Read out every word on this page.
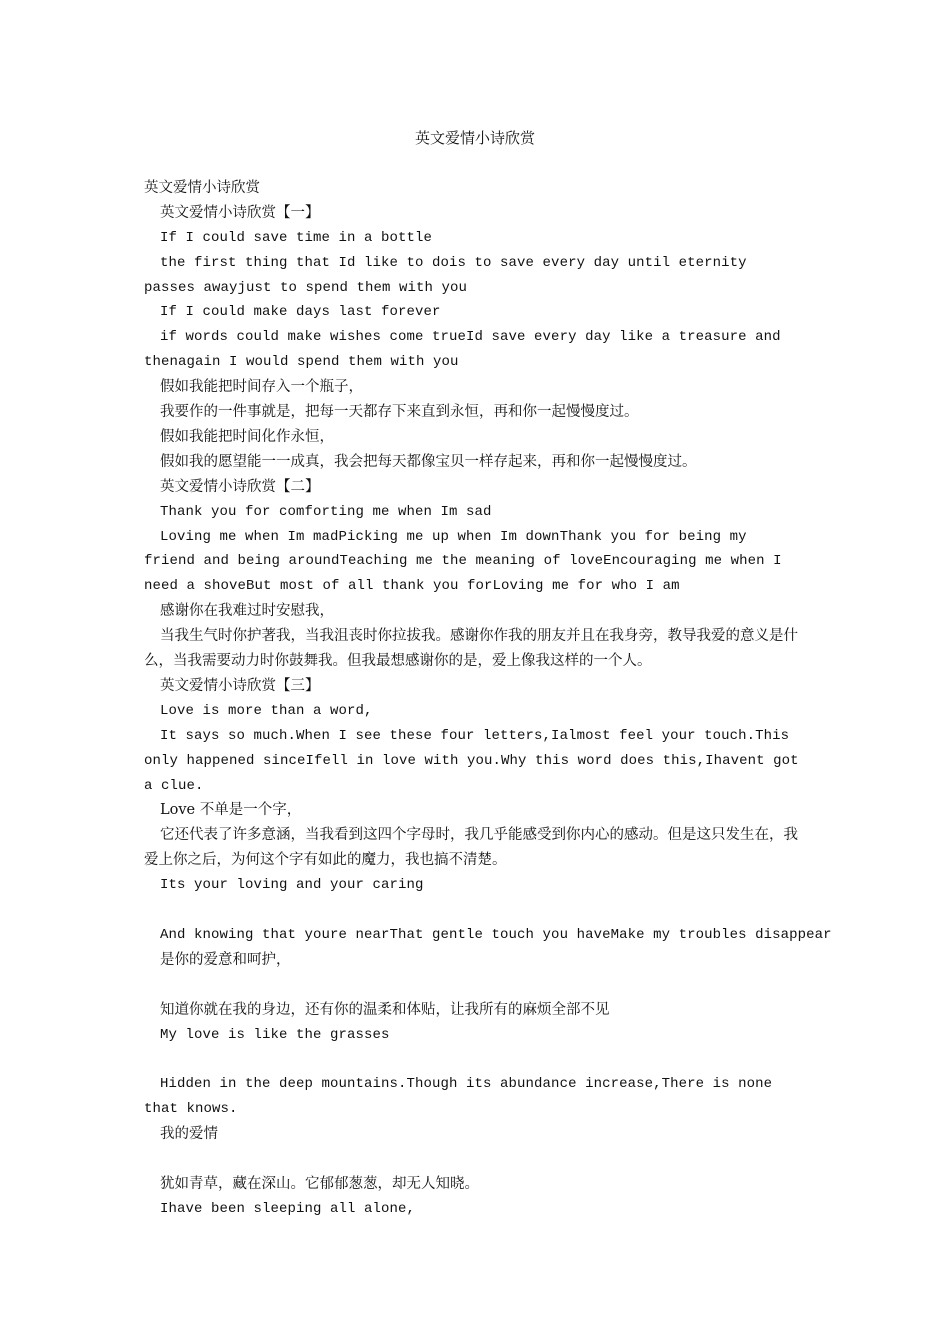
英文爱情小诗欣赏
英文爱情小诗欣赏
英文爱情小诗欣赏【一】
If I could save time in a bottle
the first thing that Id like to dois to save every day until eternity passes awayjust to spend them with you
If I could make days last forever
if words could make wishes come trueId save every day like a treasure and thenagain I would spend them with you
假如我能把时间存入一个瓶子，
我要作的一件事就是，把每一天都存下来直到永恒，再和你一起慢慢度过。
假如我能把时间化作永恒，
假如我的愿望能一一成真，我会把每天都像宝贝一样存起来，再和你一起慢慢度过。
英文爱情小诗欣赏【二】
Thank you for comforting me when Im sad
Loving me when Im madPicking me up when Im downThank you for being my friend and being aroundTeaching me the meaning of loveEncouraging me when I need a shoveBut most of all thank you forLoving me for who I am
感谢你在我难过时安慰我，
当我生气时你护著我，当我沮丧时你拉拔我。感谢你作我的朋友并且在我身旁，教导我爱的意义是什么，当我需要动力时你鼓舞我。但我最想感谢你的是，爱上像我这样的一个人。
英文爱情小诗欣赏【三】
Love is more than a word,
It says so much.When I see these four letters,Ialmost feel your touch.This only happened sinceIfell in love with you.Why this word does this,Ihavent got a clue.
Love 不单是一个字，
它还代表了许多意涵，当我看到这四个字母时，我几乎能感受到你内心的感动。但是这只发生在，我爱上你之后，为何这个字有如此的魔力，我也搞不清楚。
Its your loving and your caring
And knowing that youre nearThat gentle touch you haveMake my troubles disappear
是你的爱意和呵护，
知道你就在我的身边，还有你的温柔和体贴，让我所有的麻烦全部不见
My love is like the grasses
Hidden in the deep mountains.Though its abundance increase,There is none that knows.
我的爱情
犹如青草，藏在深山。它郁郁葱葱，却无人知晓。
Ihave been sleeping all alone,
